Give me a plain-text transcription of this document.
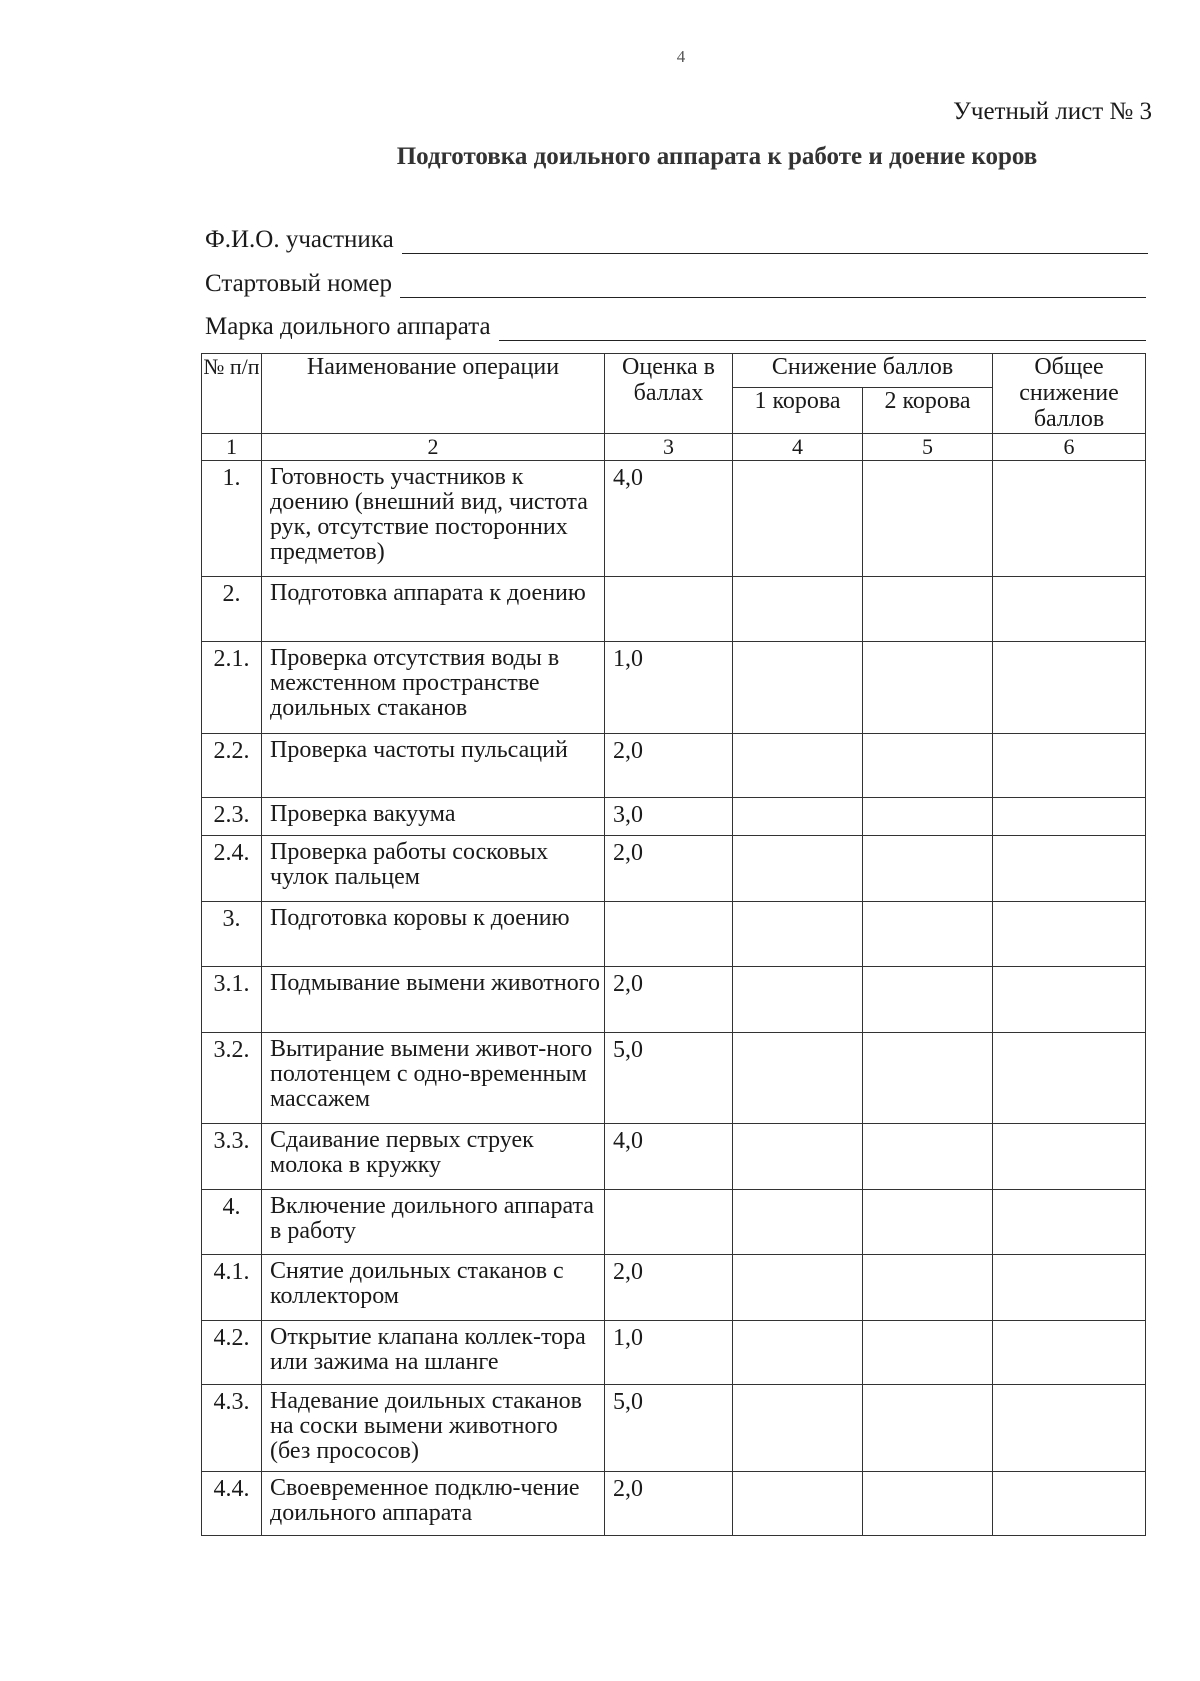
4
Учетный лист № 3
Подготовка доильного аппарата к работе и доение коров
Ф.И.О. участника
Стартовый номер
Марка доильного аппарата
№ п/п	Наименование операции	Оценка в баллах	Снижение баллов		Общее снижение баллов
			1 корова	2 корова	
1	2	3	4	5	6
1.	Готовность участников к доению (внешний вид, чистота рук, отсутствие посторонних предметов)	4,0			
2.	Подготовка аппарата к доению				
2.1.	Проверка отсутствия воды в межстенном пространстве доильных стаканов	1,0			
2.2.	Проверка частоты пульсаций	2,0			
2.3.	Проверка вакуума	3,0			
2.4.	Проверка работы сосковых чулок пальцем	2,0			
3.	Подготовка коровы к доению				
3.1.	Подмывание вымени животного	2,0			
3.2.	Вытирание вымени живот-ного полотенцем с одно-временным массажем	5,0			
3.3.	Сдаивание первых струек молока в кружку	4,0			
4.	Включение доильного аппарата в работу				
4.1.	Снятие доильных стаканов с коллектором	2,0			
4.2.	Открытие клапана коллек-тора или зажима на шланге	1,0			
4.3.	Надевание доильных стаканов на соски вымени животного (без прососов)	5,0			
4.4.	Своевременное подклю-чение доильного аппарата	2,0			
